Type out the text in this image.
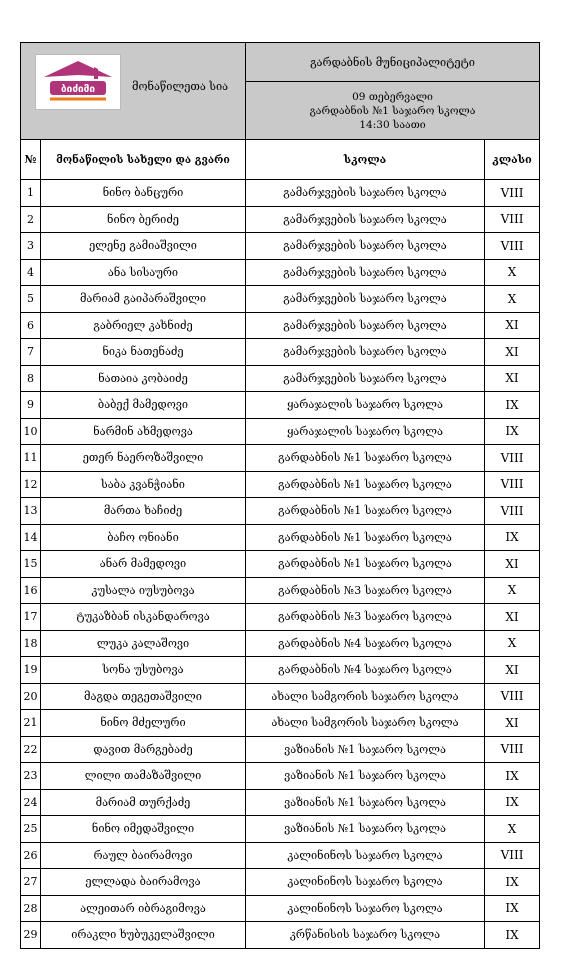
ბიძიმი მონაწილეთა სია		გარდაბნის მუნიციპალიტეტი	

		09 თებერვალი
გარდაბნის №1 საჯარო სკოლა
14:30 საათი	

№	მონაწილის სახელი და გვარი	სკოლა	კლასი
1	ნინო ბანცური	გამარჯვების საჯარო სკოლა	VIII
2	ნინო ბერიძე	გამარჯვების საჯარო სკოლა	VIII
3	ელენე გამიაშვილი	გამარჯვების საჯარო სკოლა	VIII
4	ანა სისაური	გამარჯვების საჯარო სკოლა	X
5	მარიამ გაიპარაშვილი	გამარჯვების საჯარო სკოლა	X
6	გაბრიელ კახნიძე	გამარჯვების საჯარო სკოლა	XI
7	ნიკა ნათენაძე	გამარჯვების საჯარო სკოლა	XI
8	ნათაია კობაიძე	გამარჯვების საჯარო სკოლა	XI
9	ბაბექ მამედოვი	ყარაჯალის საჯარო სკოლა	IX
10	ნარმინ ახმედოვა	ყარაჯალის საჯარო სკოლა	IX
11	ეთერ ნაეროზაშვილი	გარდაბნის №1 საჯარო სკოლა	VIII
12	საბა კვანჭიანი	გარდაბნის №1 საჯარო სკოლა	VIII
13	მართა ხაჩიძე	გარდაბნის №1 საჯარო სკოლა	VIII
14	ბაჩო ონიანი	გარდაბნის №1 საჯარო სკოლა	IX
15	ანარ მამედოვი	გარდაბნის №1 საჯარო სკოლა	XI
16	კუსალა იუსუბოვა	გარდაბნის №3 საჯარო სკოლა	X
17	ტუკაზბან ისკანდაროვა	გარდაბნის №3 საჯარო სკოლა	XI
18	ლუკა კალაშოვი	გარდაბნის №4 საჯარო სკოლა	X
19	სონა უსუბოვა	გარდაბნის №4 საჯარო სკოლა	XI
20	მაგდა თეგეთაშვილი	ახალი სამგორის საჯარო სკოლა	VIII
21	ნინო მძელური	ახალი სამგორის საჯარო სკოლა	XI
22	დავით მარგებაძე	ვაზიანის №1 საჯარო სკოლა	VIII
23	ლილი თამაზაშვილი	ვაზიანის №1 საჯარო სკოლა	IX
24	მარიამ თურქაძე	ვაზიანის №1 საჯარო სკოლა	IX
25	ნინო იმედაშვილი	ვაზიანის №1 საჯარო სკოლა	X
26	რაულ ბაირამოვი	კალინინოს საჯარო სკოლა	VIII
27	ელლადა ბაირამოვა	კალინინოს საჯარო სკოლა	IX
28	ალეითარ იბრაგიმოვა	კალინინოს საჯარო სკოლა	IX
29	ირაკლი ხუბუკელაშვილი	კრწანისის საჯარო სკოლა	IX
